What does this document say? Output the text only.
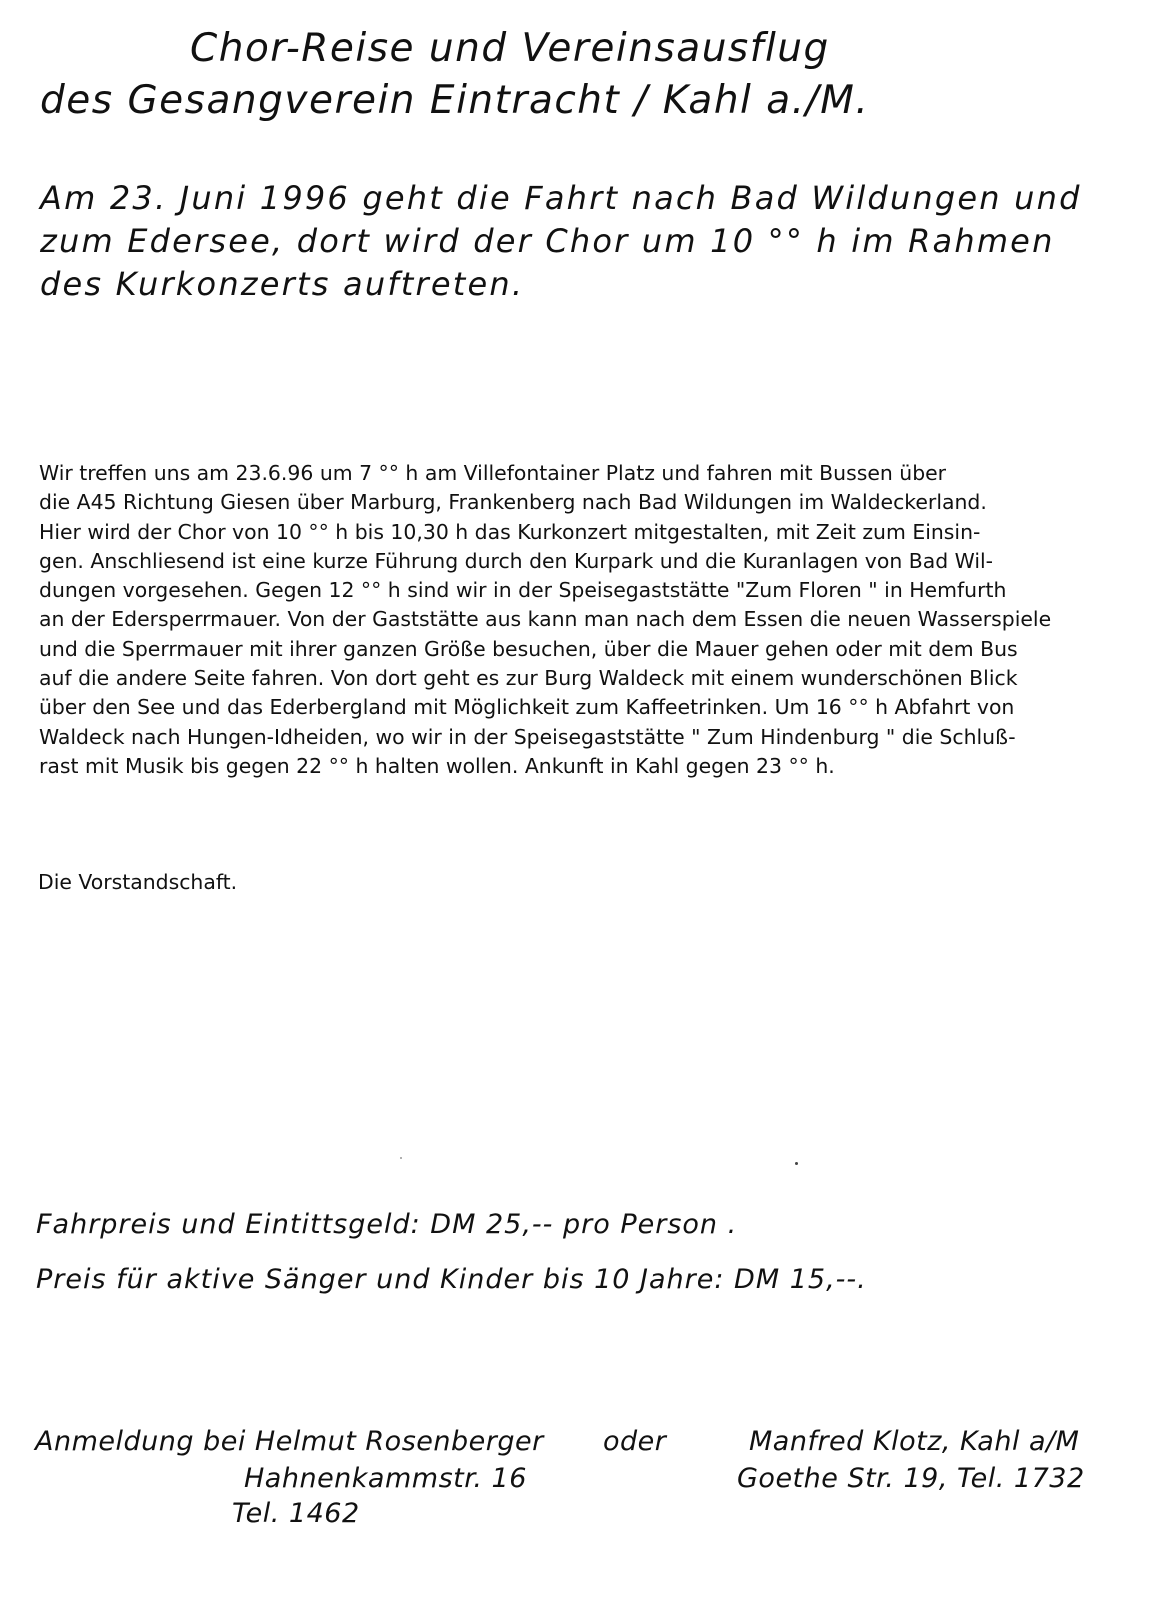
Chor-Reise und Vereinsausflug
des Gesangverein Eintracht / Kahl a./M.
Am 23. Juni 1996 geht die Fahrt nach Bad Wildungen und
zum Edersee, dort wird der Chor um 10 °° h im Rahmen
des Kurkonzerts auftreten.
Wir treffen uns am 23.6.96 um 7 °° h am Villefontainer Platz und fahren mit Bussen über
die A45 Richtung Giesen über Marburg, Frankenberg nach Bad Wildungen im Waldeckerland.
Hier wird der Chor von 10 °° h bis 10,30 h das Kurkonzert mitgestalten, mit Zeit zum Einsin-
gen. Anschliesend ist eine kurze Führung durch den Kurpark und die Kuranlagen von Bad Wil-
dungen vorgesehen. Gegen 12 °° h sind wir in der Speisegaststätte "Zum Floren " in Hemfurth
an der Edersperrmauer. Von der Gaststätte aus kann man nach dem Essen die neuen Wasserspiele
und die Sperrmauer mit ihrer ganzen Größe besuchen, über die Mauer gehen oder mit dem Bus
auf die andere Seite fahren. Von dort geht es zur Burg Waldeck mit einem wunderschönen Blick
über den See und das Ederbergland mit Möglichkeit zum Kaffeetrinken. Um 16 °° h Abfahrt von
Waldeck nach Hungen-Idheiden, wo wir in der Speisegaststätte " Zum Hindenburg " die Schluß-
rast mit Musik bis gegen 22 °° h halten wollen. Ankunft in Kahl gegen 23 °° h.
Die Vorstandschaft.
Fahrpreis und Eintittsgeld: DM 25,-- pro Person .
Preis für aktive Sänger und Kinder bis 10 Jahre: DM 15,--.
Anmeldung bei Helmut Rosenberger
Hahnenkammstr. 16
Tel. 1462
oder	Manfred Klotz, Kahl a/M
Goethe Str. 19, Tel. 1732
